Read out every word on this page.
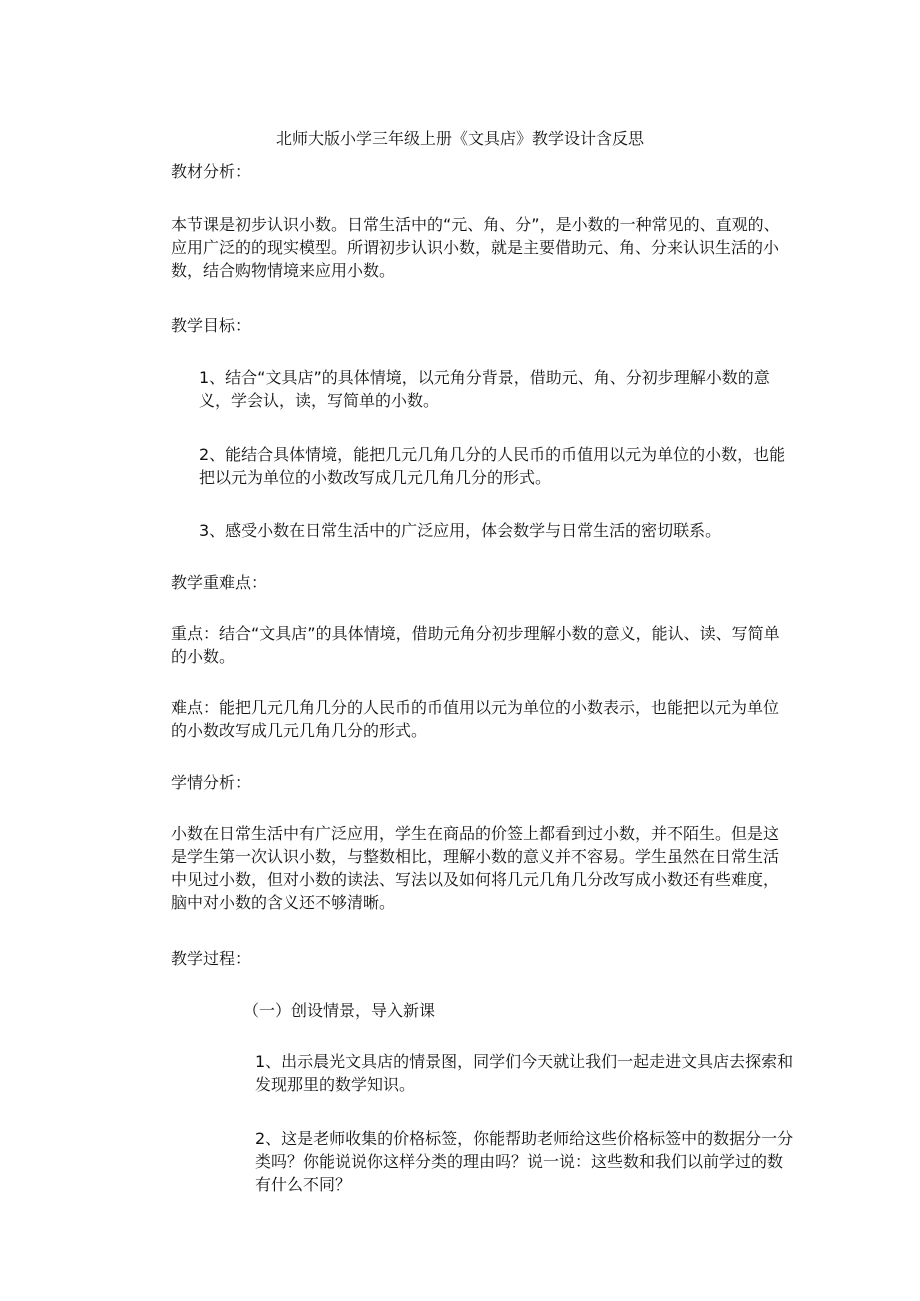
北师大版小学三年级上册《文具店》教学设计含反思
教材分析：
本节课是初步认识小数。日常生活中的“元、角、分”，是小数的一种常见的、直观的、应用广泛的的现实模型。所谓初步认识小数，就是主要借助元、角、分来认识生活的小数，结合购物情境来应用小数。
教学目标：
1、结合“文具店”的具体情境，以元角分背景，借助元、角、分初步理解小数的意义，学会认，读，写简单的小数。
2、能结合具体情境，能把几元几角几分的人民币的币值用以元为单位的小数，也能把以元为单位的小数改写成几元几角几分的形式。
3、感受小数在日常生活中的广泛应用，体会数学与日常生活的密切联系。
教学重难点：
重点：结合“文具店”的具体情境，借助元角分初步理解小数的意义，能认、读、写简单的小数。
难点：能把几元几角几分的人民币的币值用以元为单位的小数表示，也能把以元为单位的小数改写成几元几角几分的形式。
学情分析：
小数在日常生活中有广泛应用，学生在商品的价签上都看到过小数，并不陌生。但是这是学生第一次认识小数，与整数相比，理解小数的意义并不容易。学生虽然在日常生活中见过小数，但对小数的读法、写法以及如何将几元几角几分改写成小数还有些难度，脑中对小数的含义还不够清晰。
教学过程：
（一）创设情景，导入新课
1、出示晨光文具店的情景图，同学们今天就让我们一起走进文具店去探索和发现那里的数学知识。
2、这是老师收集的价格标签，你能帮助老师给这些价格标签中的数据分一分类吗？你能说说你这样分类的理由吗？说一说：这些数和我们以前学过的数有什么不同？
